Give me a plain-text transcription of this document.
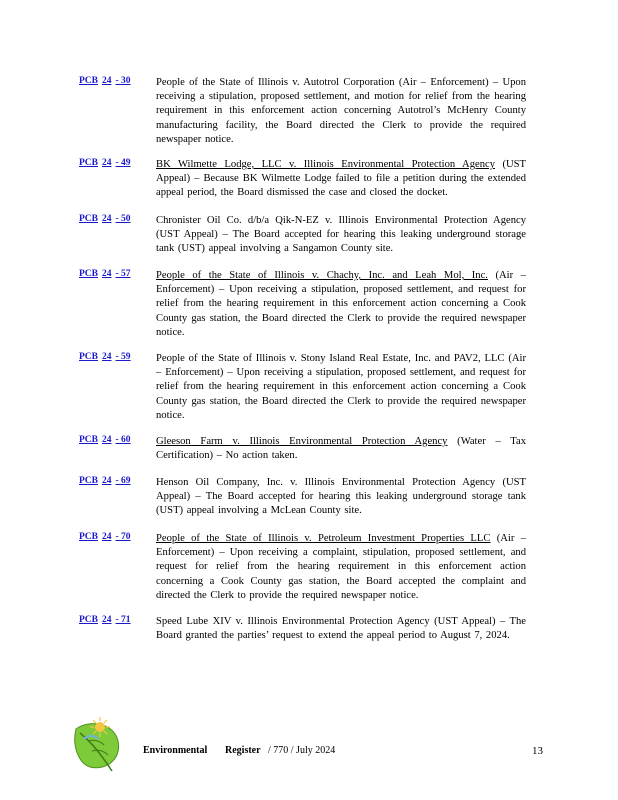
PCB 24 - 30	People of the State of Illinois v. Autotrol Corporation (Air – Enforcement) – Upon receiving a stipulation, proposed settlement, and motion for relief from the hearing requirement in this enforcement action concerning Autotrol’s McHenry County manufacturing facility, the Board directed the Clerk to provide the required newspaper notice.
PCB 24 - 49	BK Wilmette Lodge, LLC v. Illinois Environmental Protection Agency (UST Appeal) – Because BK Wilmette Lodge failed to file a petition during the extended appeal period, the Board dismissed the case and closed the docket.
PCB 24 - 50	Chronister Oil Co. d/b/a Qik-N-EZ v. Illinois Environmental Protection Agency (UST Appeal) – The Board accepted for hearing this leaking underground storage tank (UST) appeal involving a Sangamon County site.
PCB 24 - 57	People of the State of Illinois v. Chachy, Inc. and Leah Mol, Inc. (Air – Enforcement) – Upon receiving a stipulation, proposed settlement, and request for relief from the hearing requirement in this enforcement action concerning a Cook County gas station, the Board directed the Clerk to provide the required newspaper notice.
PCB 24 - 59	People of the State of Illinois v. Stony Island Real Estate, Inc. and PAV2, LLC (Air – Enforcement) – Upon receiving a stipulation, proposed settlement, and request for relief from the hearing requirement in this enforcement action concerning a Cook County gas station, the Board directed the Clerk to provide the required newspaper notice.
PCB 24 - 60	Gleeson Farm v. Illinois Environmental Protection Agency (Water – Tax Certification) – No action taken.
PCB 24 - 69	Henson Oil Company, Inc. v. Illinois Environmental Protection Agency (UST Appeal) – The Board accepted for hearing this leaking underground storage tank (UST) appeal involving a McLean County site.
PCB 24 - 70	People of the State of Illinois v. Petroleum Investment Properties LLC (Air – Enforcement) – Upon receiving a complaint, stipulation, proposed settlement, and request for relief from the hearing requirement in this enforcement action concerning a Cook County gas station, the Board accepted the complaint and directed the Clerk to provide the required newspaper notice.
PCB 24 - 71	Speed Lube XIV v. Illinois Environmental Protection Agency (UST Appeal) – The Board granted the parties’ request to extend the appeal period to August 7, 2024.
Environmental Register / 770 / July 2024	13
